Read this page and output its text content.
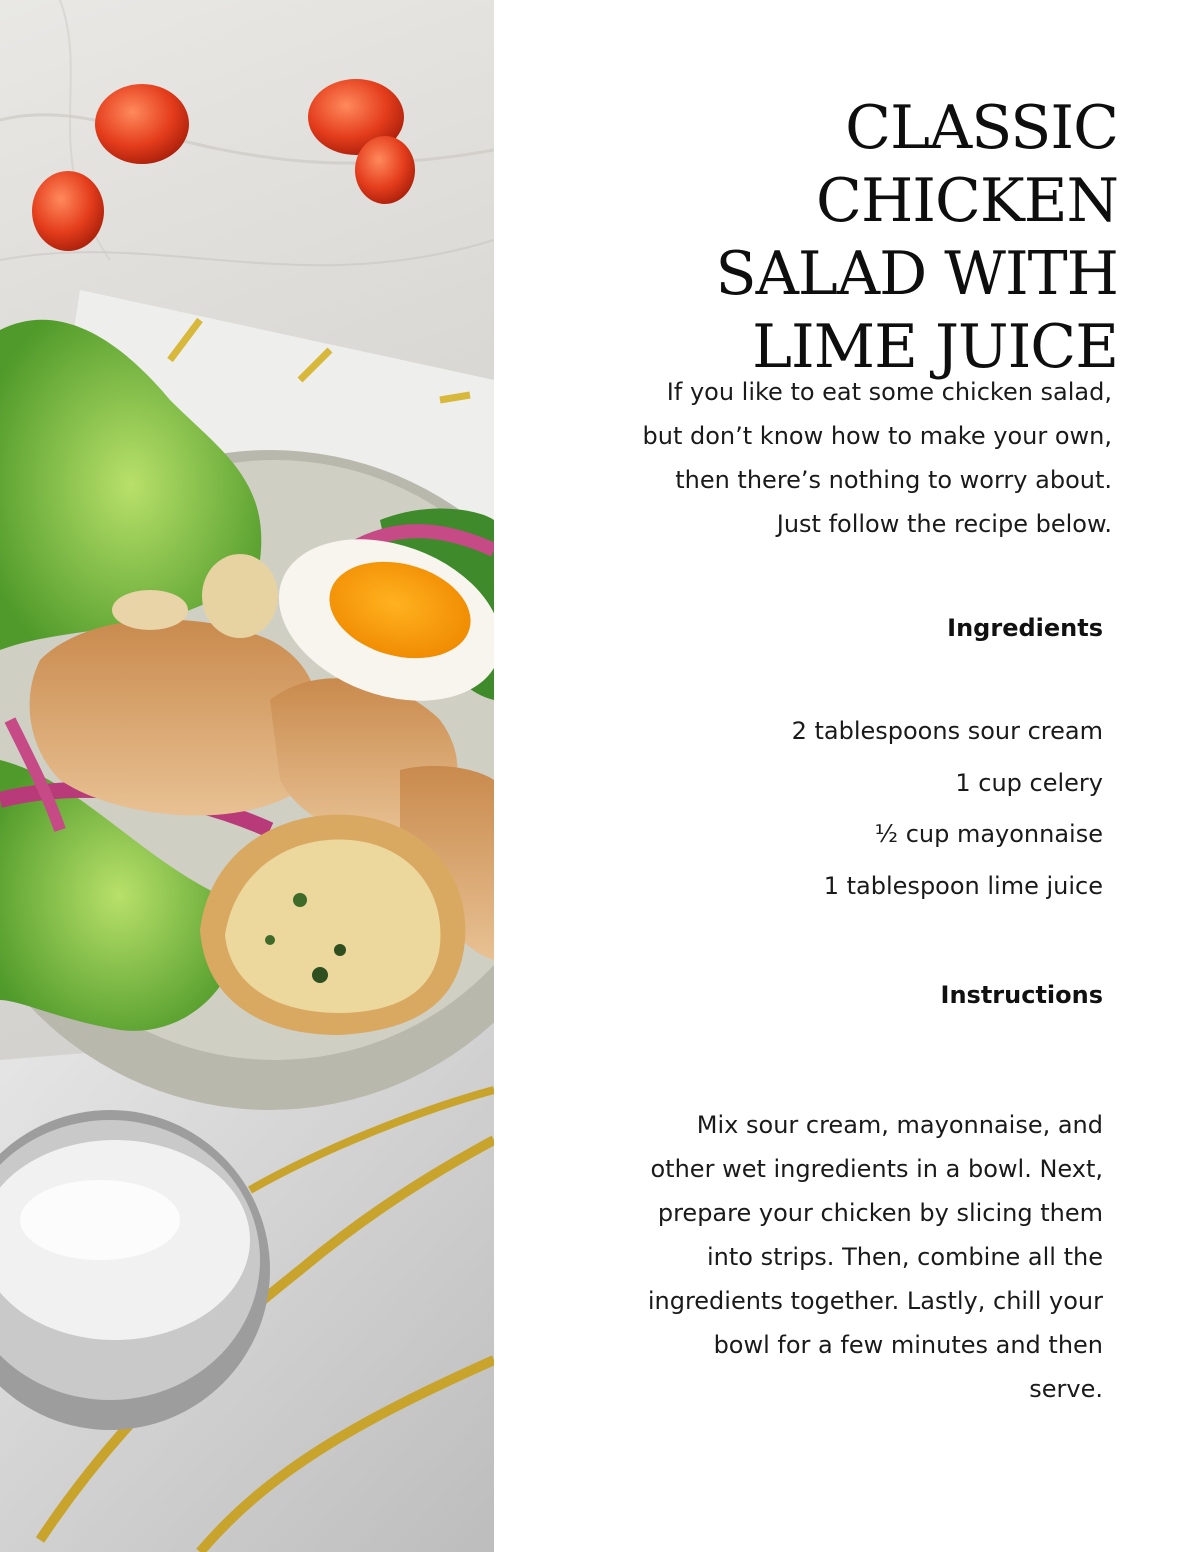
CLASSIC CHICKEN
SALAD WITH
LIME JUICE

If you like to eat some chicken salad,
but don’t know how to make your own,
then there’s nothing to worry about.
Just follow the recipe below.

Ingredients
2 tablespoons sour cream
1 cup celery
½ cup mayonnaise
1 tablespoon lime juice
Instructions

Mix sour cream, mayonnaise, and
other wet ingredients in a bowl. Next,
prepare your chicken by slicing them
into strips. Then, combine all the
ingredients together. Lastly, chill your
bowl for a few minutes and then
serve.
